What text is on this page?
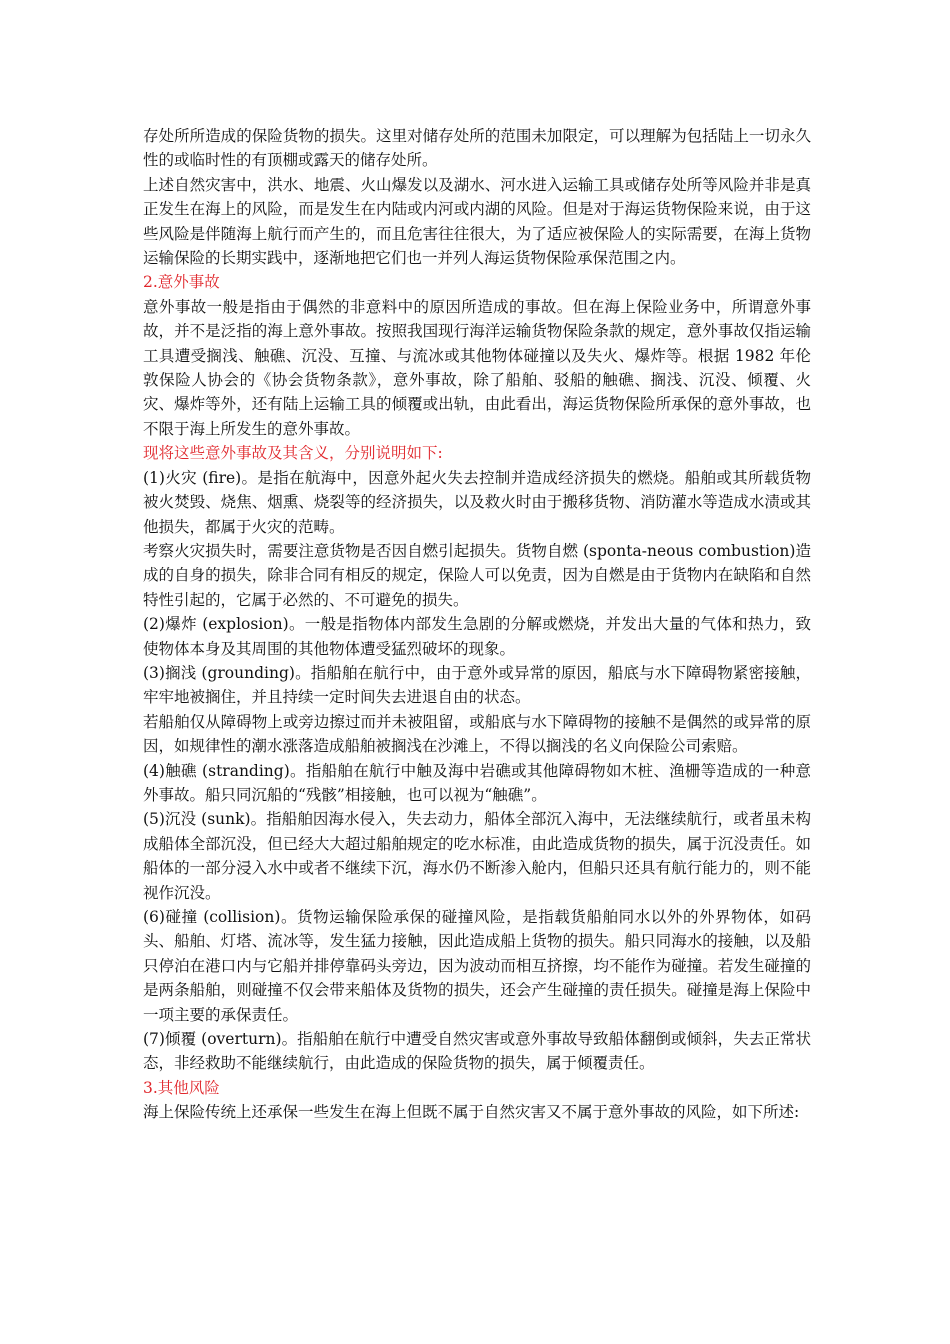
存处所所造成的保险货物的损失。这里对储存处所的范围未加限定，可以理解为包括陆上一切永久性的或临时性的有顶棚或露天的储存处所。

上述自然灾害中，洪水、地震、火山爆发以及湖水、河水进入运输工具或储存处所等风险并非是真正发生在海上的风险，而是发生在内陆或内河或内湖的风险。但是对于海运货物保险来说，由于这些风险是伴随海上航行而产生的，而且危害往往很大，为了适应被保险人的实际需要，在海上货物运输保险的长期实践中，逐渐地把它们也一并列人海运货物保险承保范围之内。

2.意外事故

意外事故一般是指由于偶然的非意料中的原因所造成的事故。但在海上保险业务中，所谓意外事故，并不是泛指的海上意外事故。按照我国现行海洋运输货物保险条款的规定，意外事故仅指运输工具遭受搁浅、触礁、沉没、互撞、与流冰或其他物体碰撞以及失火、爆炸等。根据 1982 年伦敦保险人协会的《协会货物条款》，意外事故，除了船舶、驳船的触礁、搁浅、沉没、倾覆、火灾、爆炸等外，还有陆上运输工具的倾覆或出轨，由此看出，海运货物保险所承保的意外事故，也不限于海上所发生的意外事故。

现将这些意外事故及其含义，分别说明如下:

(1)火灾 (fire)。是指在航海中，因意外起火失去控制并造成经济损失的燃烧。船舶或其所载货物被火焚毁、烧焦、烟熏、烧裂等的经济损失，以及救火时由于搬移货物、消防灌水等造成水渍或其他损失，都属于火灾的范畴。

考察火灾损失时，需要注意货物是否因自燃引起损失。货物自燃 (sponta-neous combustion)造成的自身的损失，除非合同有相反的规定，保险人可以免责，因为自燃是由于货物内在缺陷和自然特性引起的，它属于必然的、不可避免的损失。

(2)爆炸 (explosion)。一般是指物体内部发生急剧的分解或燃烧，并发出大量的气体和热力，致使物体本身及其周围的其他物体遭受猛烈破坏的现象。

(3)搁浅 (grounding)。指船舶在航行中，由于意外或异常的原因，船底与水下障碍物紧密接触，牢牢地被搁住，并且持续一定时间失去进退自由的状态。

若船舶仅从障碍物上或旁边擦过而并未被阻留，或船底与水下障碍物的接触不是偶然的或异常的原因，如规律性的潮水涨落造成船舶被搁浅在沙滩上，不得以搁浅的名义向保险公司索赔。

(4)触礁 (stranding)。指船舶在航行中触及海中岩礁或其他障碍物如木桩、渔栅等造成的一种意外事故。船只同沉船的“残骸”相接触，也可以视为“触礁”。

(5)沉没 (sunk)。指船舶因海水侵入，失去动力，船体全部沉入海中，无法继续航行，或者虽未构成船体全部沉没，但已经大大超过船舶规定的吃水标准，由此造成货物的损失，属于沉没责任。如船体的一部分浸入水中或者不继续下沉，海水仍不断渗入舱内，但船只还具有航行能力的，则不能视作沉没。

(6)碰撞 (collision)。货物运输保险承保的碰撞风险，是指载货船舶同水以外的外界物体，如码头、船舶、灯塔、流冰等，发生猛力接触，因此造成船上货物的损失。船只同海水的接触，以及船只停泊在港口内与它船并排停靠码头旁边，因为波动而相互挤擦，均不能作为碰撞。若发生碰撞的是两条船舶，则碰撞不仅会带来船体及货物的损失，还会产生碰撞的责任损失。碰撞是海上保险中一项主要的承保责任。

(7)倾覆 (overturn)。指船舶在航行中遭受自然灾害或意外事故导致船体翻倒或倾斜，失去正常状态，非经救助不能继续航行，由此造成的保险货物的损失，属于倾覆责任。

3.其他风险

海上保险传统上还承保一些发生在海上但既不属于自然灾害又不属于意外事故的风险，如下所述:
